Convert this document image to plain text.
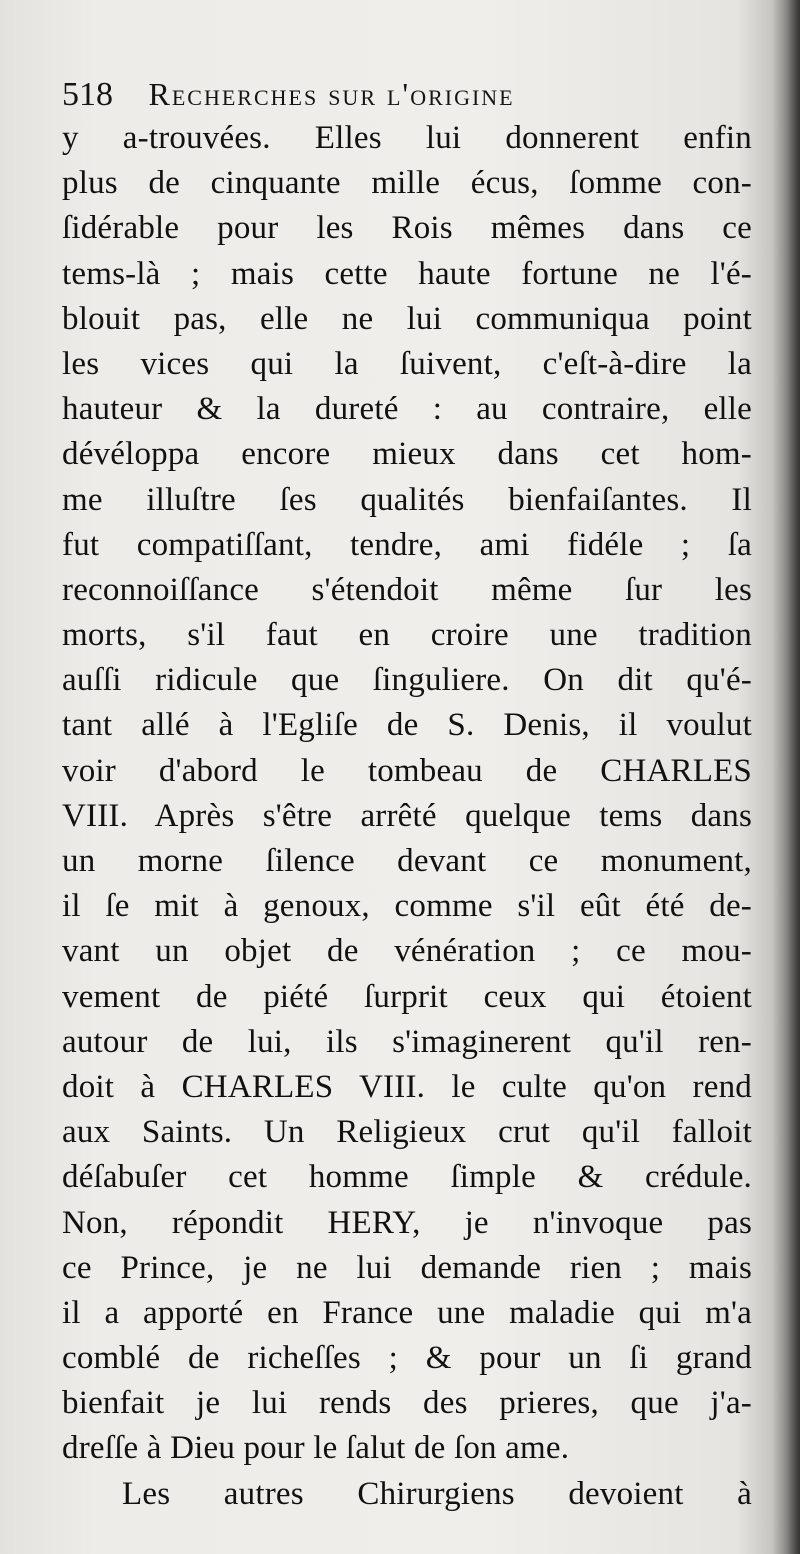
518 Recherches sur l'origine
y a-trouvées. Elles lui donnerent enfin
plus de cinquante mille écus, ſomme con-
ſidérable pour les Rois mêmes dans ce
tems-là ; mais cette haute fortune ne l'é-
blouit pas, elle ne lui communiqua point
les vices qui la ſuivent, c'eſt-à-dire la
hauteur & la dureté : au contraire, elle
dévéloppa encore mieux dans cet hom-
me illuſtre ſes qualités bienfaiſantes. Il
fut compatiſſant, tendre, ami fidéle ; ſa
reconnoiſſance s'étendoit même ſur les
morts, s'il faut en croire une tradition
auſſi ridicule que ſinguliere. On dit qu'é-
tant allé à l'Egliſe de S. Denis, il voulut
voir d'abord le tombeau de CHARLES
VIII. Après s'être arrêté quelque tems dans
un morne ſilence devant ce monument,
il ſe mit à genoux, comme s'il eût été de-
vant un objet de vénération ; ce mou-
vement de piété ſurprit ceux qui étoient
autour de lui, ils s'imaginerent qu'il ren-
doit à CHARLES VIII. le culte qu'on rend
aux Saints. Un Religieux crut qu'il falloit
déſabuſer cet homme ſimple & crédule.
Non, répondit HERY, je n'invoque pas
ce Prince, je ne lui demande rien ; mais
il a apporté en France une maladie qui m'a
comblé de richeſſes ; & pour un ſi grand
bienfait je lui rends des prieres, que j'a-
dreſſe à Dieu pour le ſalut de ſon ame.
Les autres Chirurgiens devoient à
